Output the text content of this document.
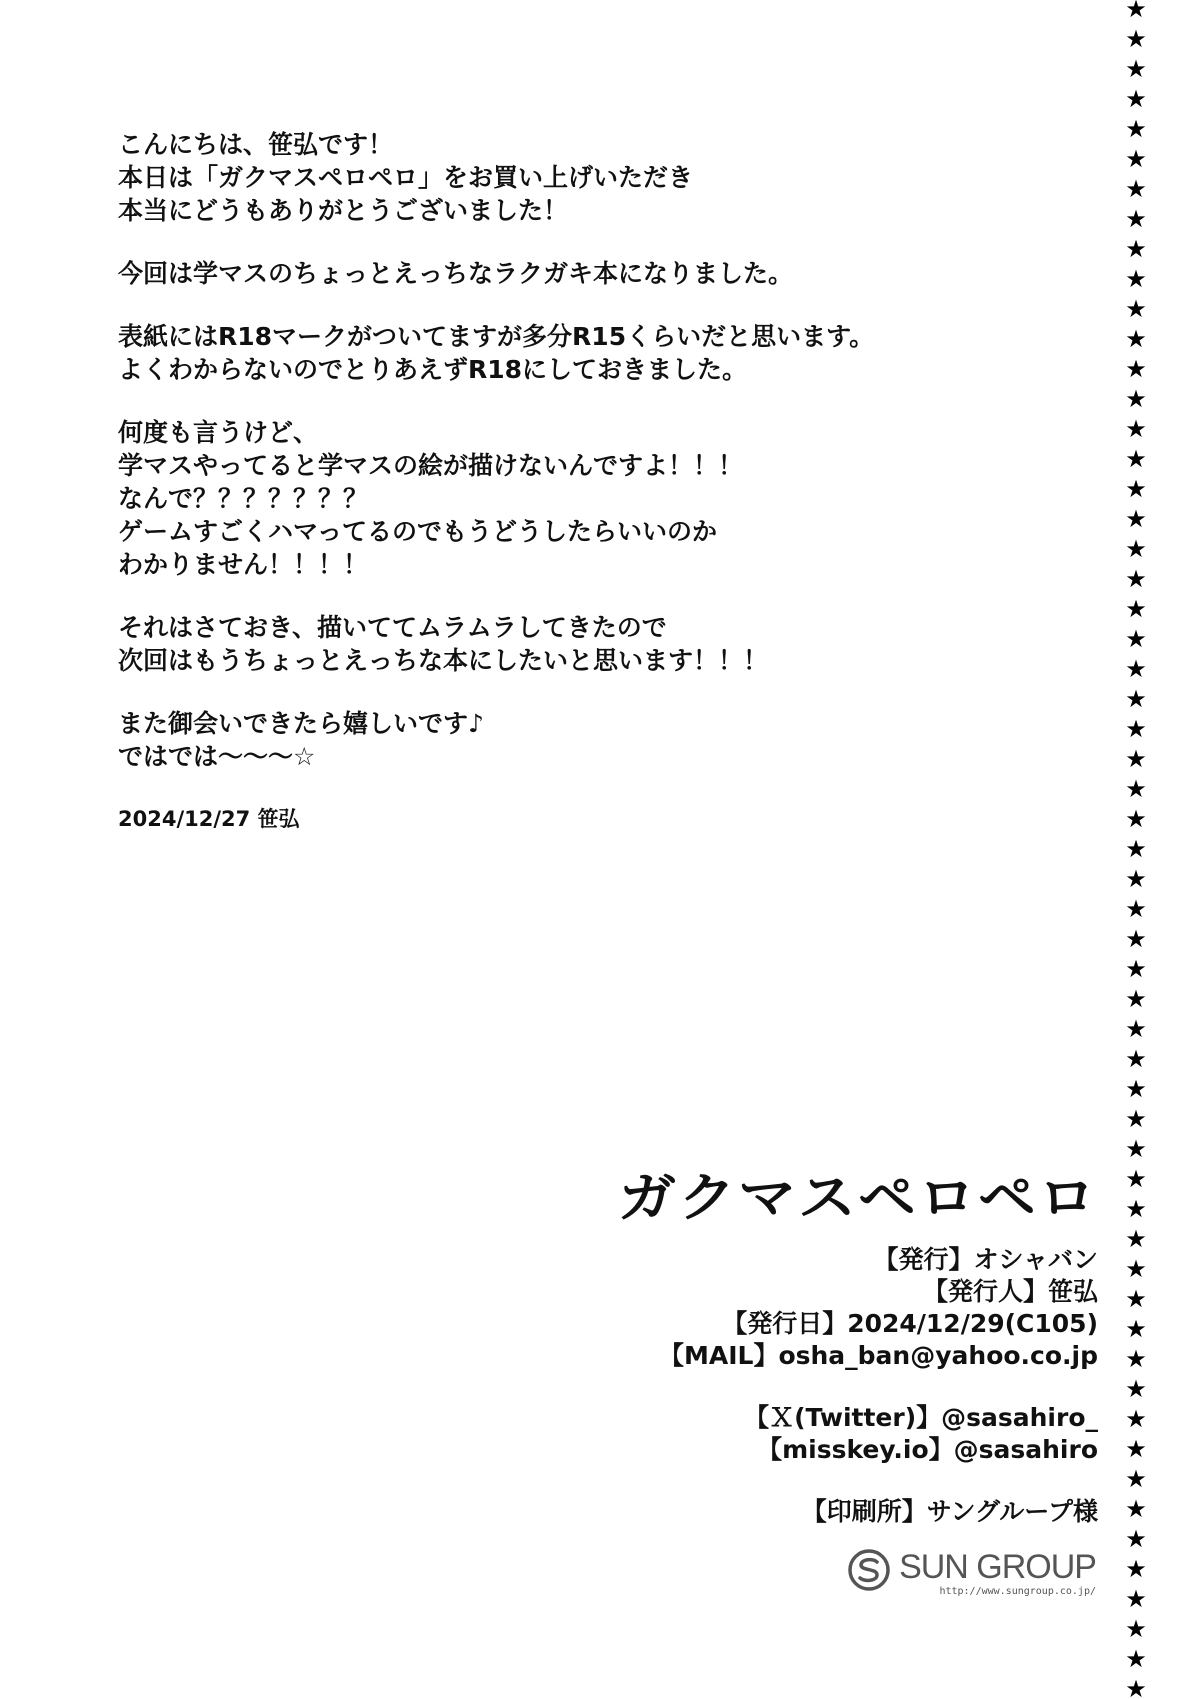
こんにちは、笹弘です！
本日は「ガクマスペロペロ」をお買い上げいただき
本当にどうもありがとうございました！

今回は学マスのちょっとえっちなラクガキ本になりました。

表紙にはR18マークがついてますが多分R15くらいだと思います。
よくわからないのでとりあえずR18にしておきました。

何度も言うけど、
学マスやってると学マスの絵が描けないんですよ！！！
なんで？？？？？？？
ゲームすごくハマってるのでもうどうしたらいいのか
わかりません！！！！

それはさておき、描いててムラムラしてきたので
次回はもうちょっとえっちな本にしたいと思います！！！

また御会いできたら嬉しいです♪
ではでは～～～☆

2024/12/27 笹弘

★
★
★
★
★
★
★
★
★
★
★
★
★
★
★
★
★
★
★
★
★
★
★
★
★
★
★
★
★
★
★
★
★
★
★
★
★
★
★
★
★
★
★
★
★
★
★
★
★
★
★
★
★
★
★
★
★
ガクマスペロペロ
【発行】オシャバン
【発行人】笹弘
【発行日】2024/12/29(C105)
【MAIL】osha_ban@yahoo.co.jp
【Ｘ(Twitter)】@sasahiro_
【misskey.io】@sasahiro
【印刷所】サングループ様
SUN GROUP
http://www.sungroup.co.jp/
